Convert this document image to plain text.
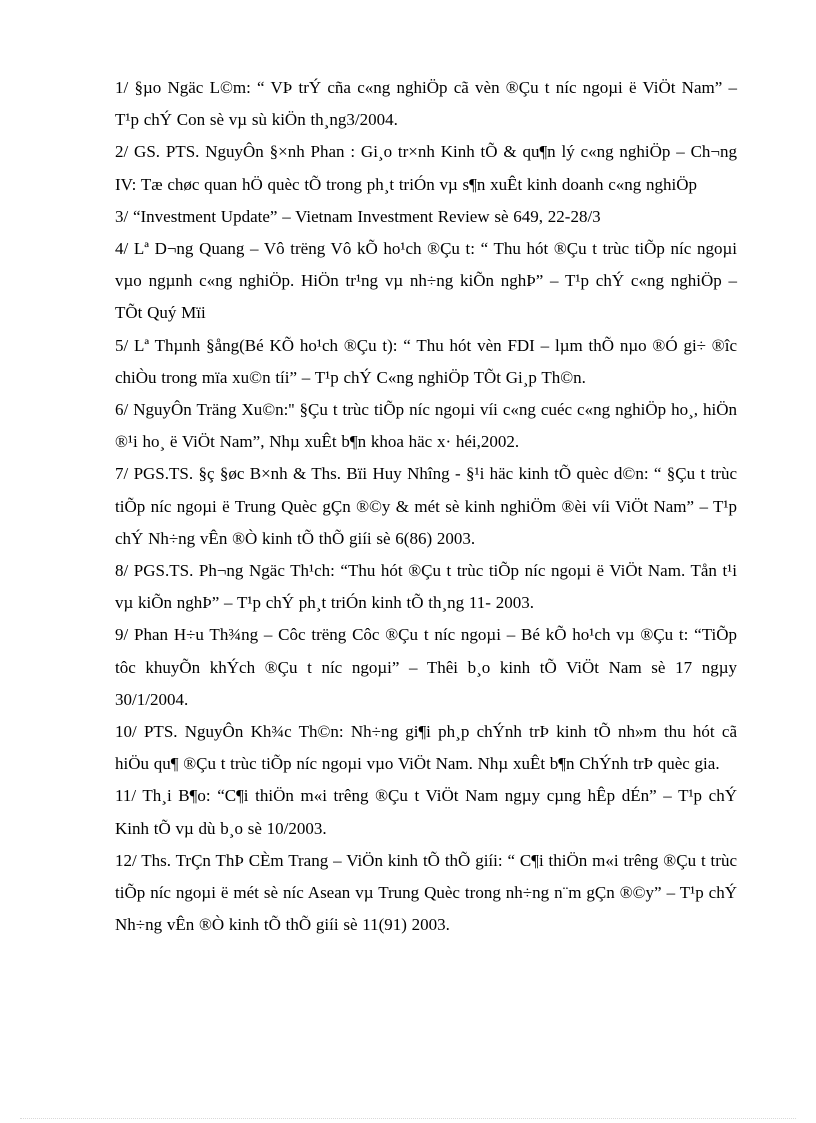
1/ §µo Ngäc L©m: “ VÞ trÝ cña c«ng nghiÖp cã vèn ®Çu t níc ngoµi ë ViÖt Nam” – T¹p chÝ Con sè vµ sù kiÖn th¸ng3/2004.

2/ GS. PTS. NguyÔn §×nh Phan : Gi¸o tr×nh Kinh tÕ & qu¶n lý c«ng nghiÖp – Ch¬ng IV: Tæ chøc quan hÖ quèc tÕ trong ph¸t triÓn vµ s¶n xuÊt kinh doanh c«ng nghiÖp

3/ “Investment Update” – Vietnam Investment Review sè 649, 22-28/3

4/ Lª D¬ng Quang – Vô trëng Vô kÕ ho¹ch ®Çu t: “ Thu hót ®Çu t trùc tiÕp níc ngoµi vµo ngµnh c«ng nghiÖp. HiÖn tr¹ng vµ nh÷ng kiÕn nghÞ” – T¹p chÝ c«ng nghiÖp – TÕt Quý Mïi

5/ Lª Thµnh §ång(Bé KÕ ho¹ch ®Çu t): “ Thu hót vèn FDI – lµm thÕ nµo ®Ó gi÷ ®îc chiÒu trong mïa xu©n tíi” – T¹p chÝ C«ng nghiÖp TÕt Gi¸p Th©n.

6/ NguyÔn Träng Xu©n:'' §Çu t trùc tiÕp níc ngoµi víi c«ng cuéc c«ng nghiÖp ho¸, hiÖn ®¹i ho¸ ë ViÖt Nam”, Nhµ xuÊt b¶n khoa häc x· héi,2002.

7/ PGS.TS. §ç §øc B×nh & Ths. Bïi Huy Nhîng - §¹i häc kinh tÕ quèc d©n: “ §Çu t trùc tiÕp níc ngoµi ë Trung Quèc gÇn ®©y & mét sè kinh nghiÖm ®èi víi ViÖt Nam” – T¹p chÝ Nh÷ng vÊn ®Ò kinh tÕ thÕ giíi sè 6(86) 2003.

8/ PGS.TS. Ph¬ng Ngäc Th¹ch: “Thu hót ®Çu t trùc tiÕp níc ngoµi ë ViÖt Nam. Tån t¹i vµ kiÕn nghÞ” – T¹p chÝ ph¸t triÓn kinh tÕ th¸ng 11- 2003.

9/ Phan H÷u Th¾ng – Côc trëng Côc ®Çu t níc ngoµi – Bé kÕ ho¹ch vµ ®Çu t: “TiÕp tôc khuyÕn khÝch ®Çu t níc ngoµi” – Thêi b¸o kinh tÕ ViÖt Nam sè 17 ngµy 30/1/2004.

10/ PTS. NguyÔn Kh¾c Th©n: Nh÷ng gi¶i ph¸p chÝnh trÞ kinh tÕ nh»m thu hót cã hiÖu qu¶ ®Çu t trùc tiÕp níc ngoµi vµo ViÖt Nam. Nhµ xuÊt b¶n ChÝnh trÞ quèc gia.

11/ Th¸i B¶o: “C¶i thiÖn m«i trêng ®Çu t ViÖt Nam ngµy cµng hÊp dÉn” – T¹p chÝ Kinh tÕ vµ dù b¸o sè 10/2003.

12/ Ths. TrÇn ThÞ CÈm Trang – ViÖn kinh tÕ thÕ giíi: “ C¶i thiÖn m«i trêng ®Çu t trùc tiÕp níc ngoµi ë mét sè níc Asean vµ Trung Quèc trong nh÷ng n¨m gÇn ®©y” – T¹p chÝ Nh÷ng vÊn ®Ò kinh tÕ thÕ giíi sè 11(91) 2003.
